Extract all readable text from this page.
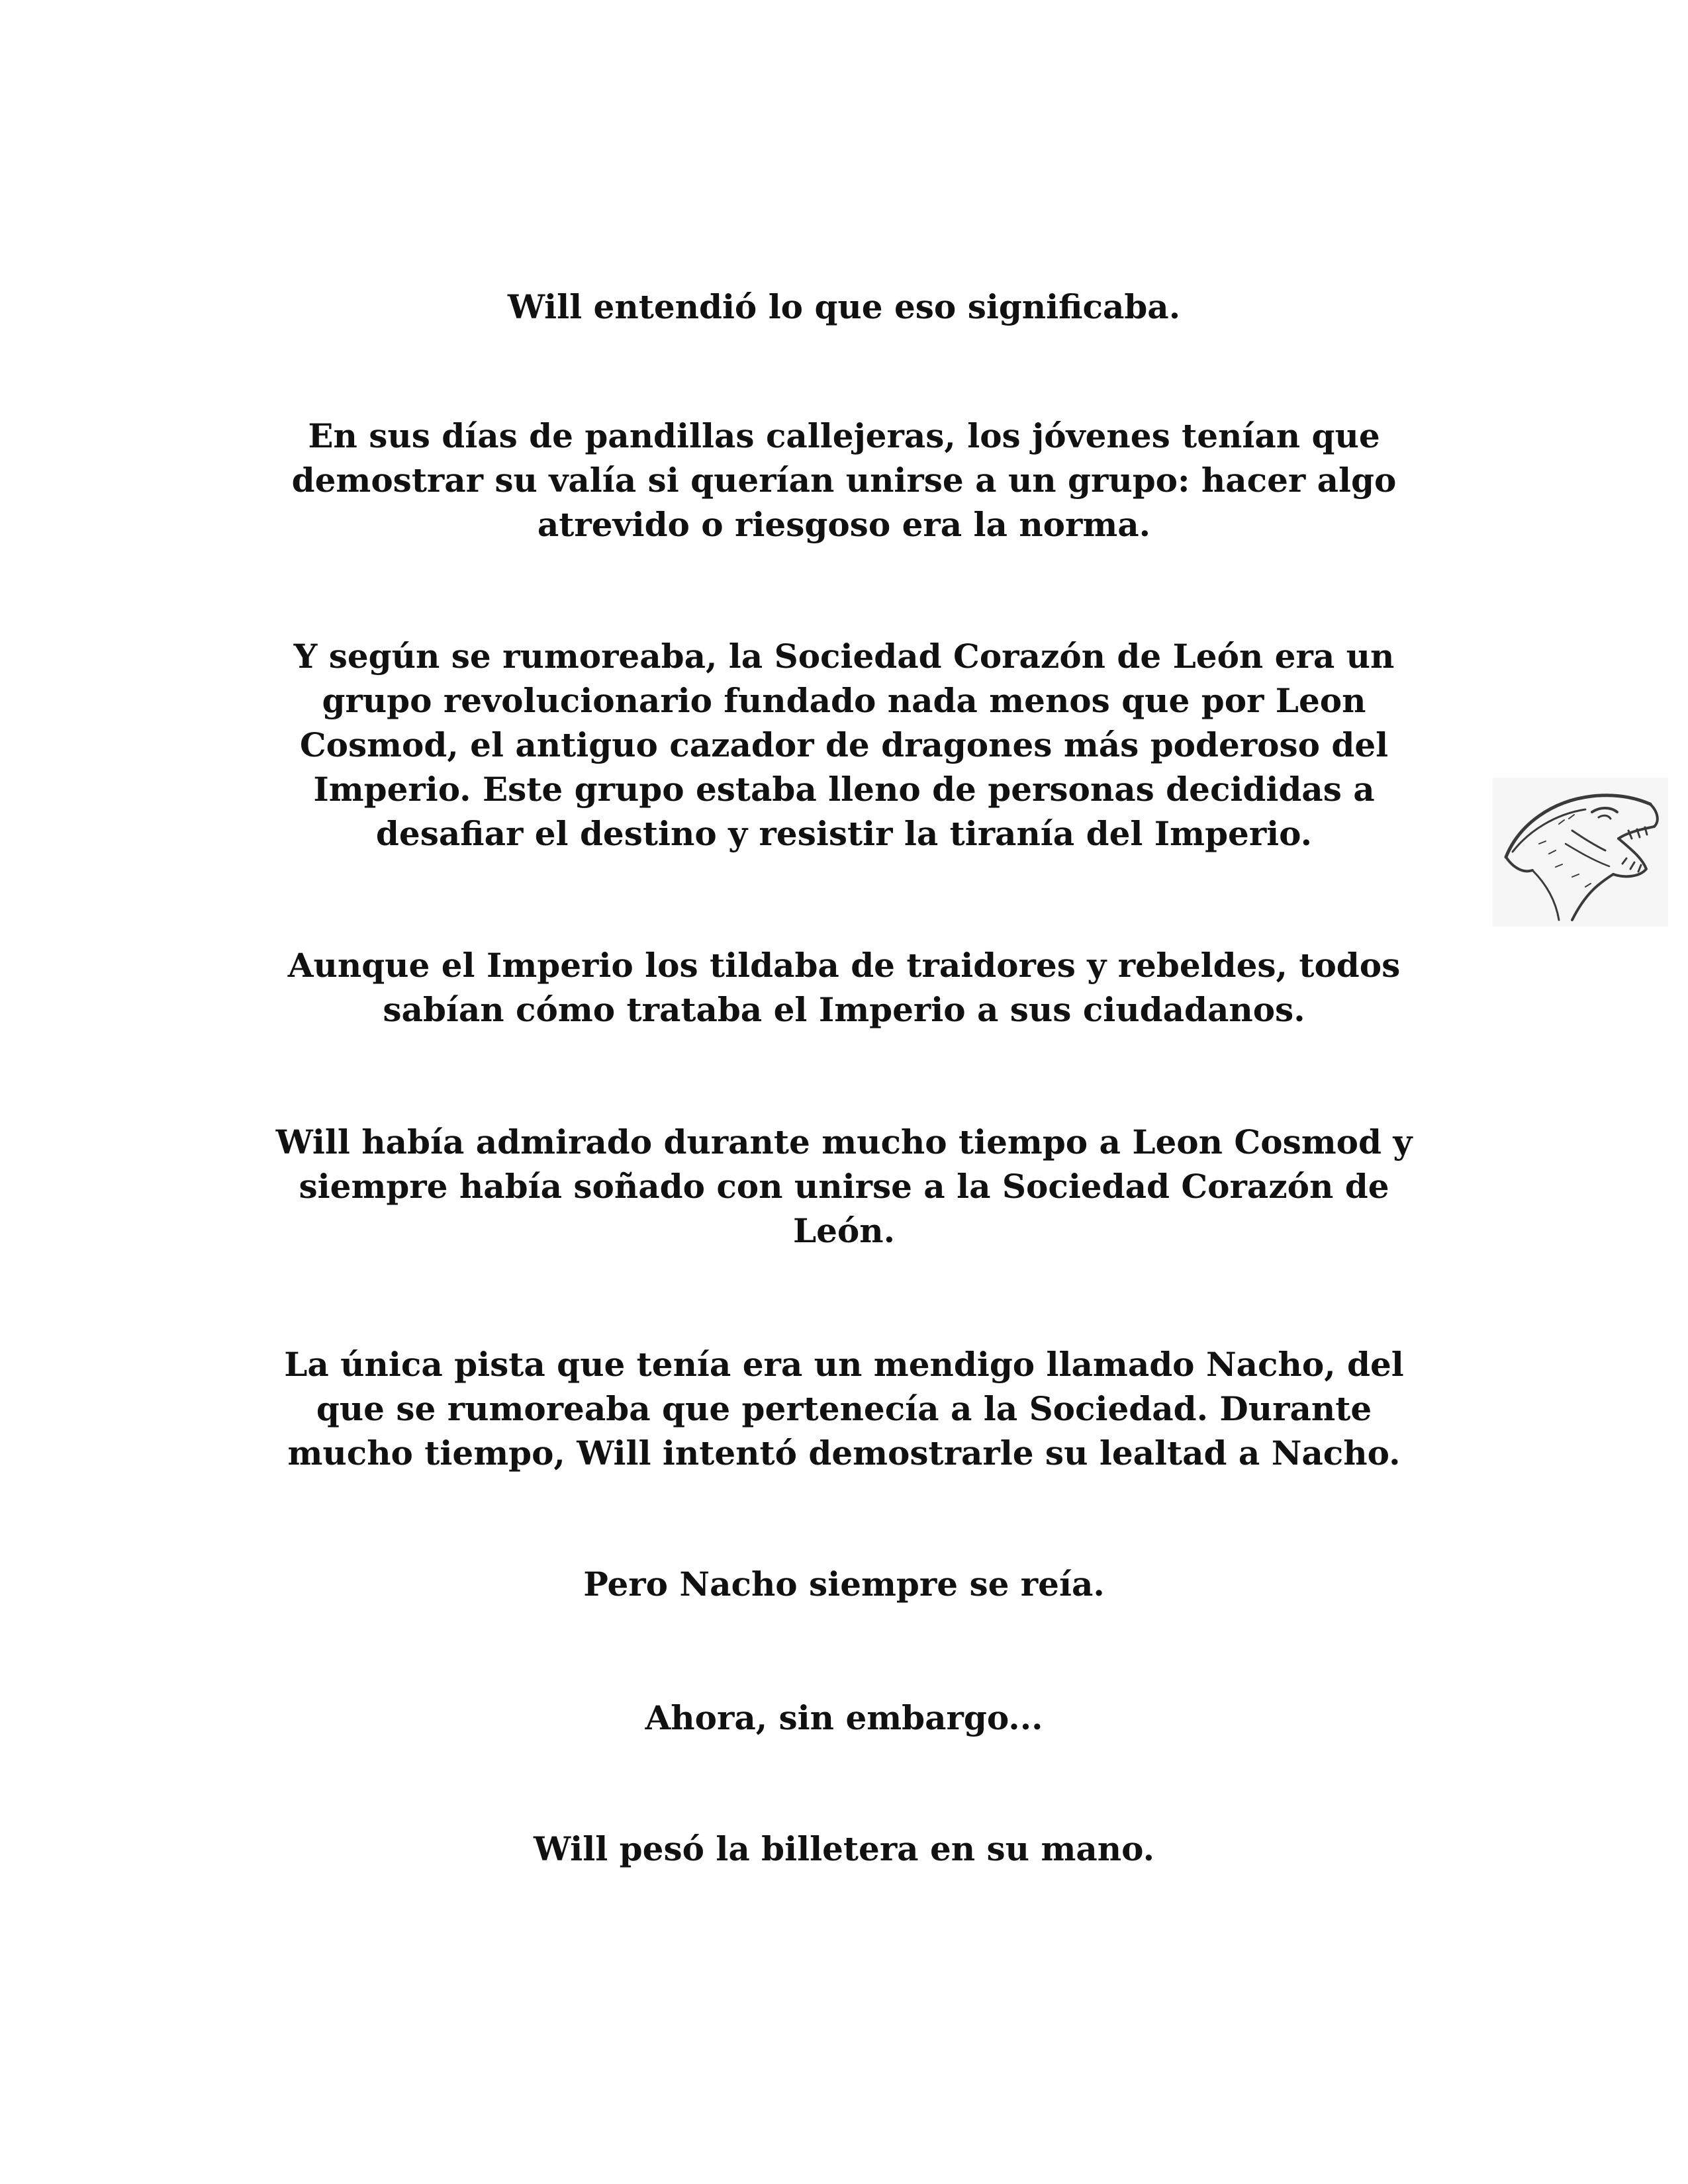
Will entendió lo que eso significaba.
En sus días de pandillas callejeras, los jóvenes tenían que
demostrar su valía si querían unirse a un grupo: hacer algo
atrevido o riesgoso era la norma.
Y según se rumoreaba, la Sociedad Corazón de León era un
grupo revolucionario fundado nada menos que por Leon
Cosmod, el antiguo cazador de dragones más poderoso del
Imperio. Este grupo estaba lleno de personas decididas a
desafiar el destino y resistir la tiranía del Imperio.
Aunque el Imperio los tildaba de traidores y rebeldes, todos
sabían cómo trataba el Imperio a sus ciudadanos.
Will había admirado durante mucho tiempo a Leon Cosmod y
siempre había soñado con unirse a la Sociedad Corazón de
León.
La única pista que tenía era un mendigo llamado Nacho, del
que se rumoreaba que pertenecía a la Sociedad. Durante
mucho tiempo, Will intentó demostrarle su lealtad a Nacho.
Pero Nacho siempre se reía.
Ahora, sin embargo...
Will pesó la billetera en su mano.
